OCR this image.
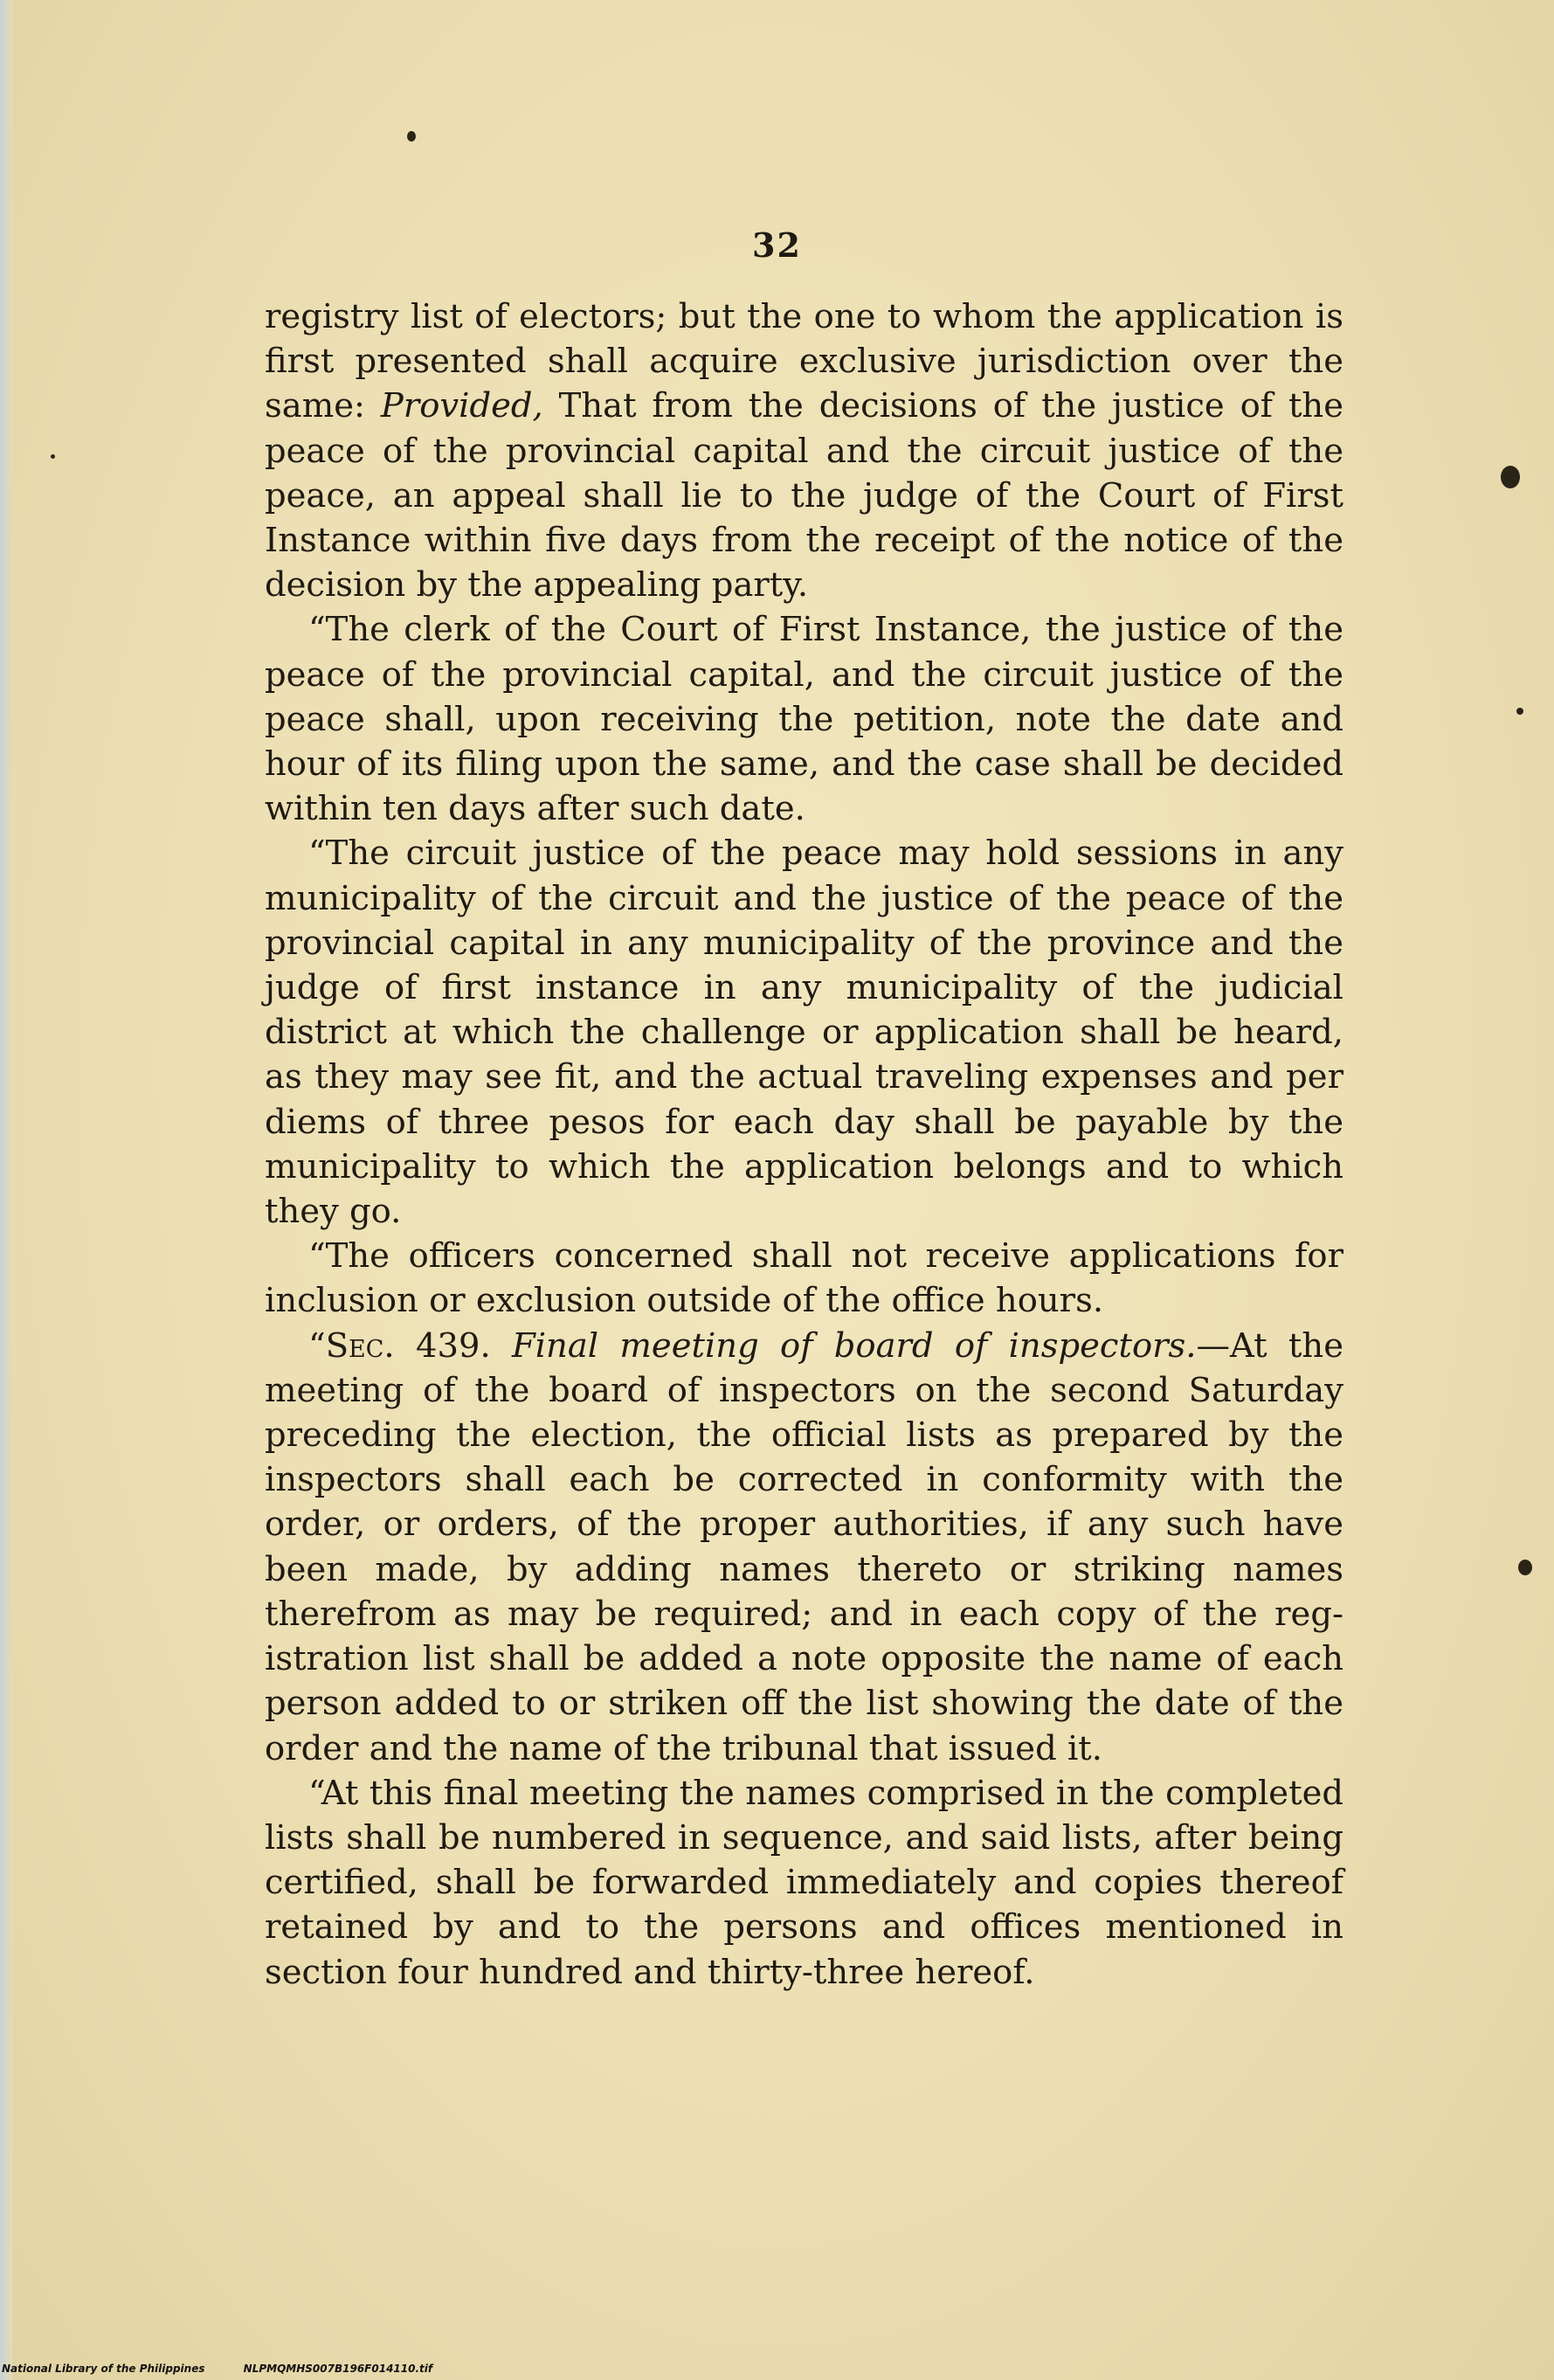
32

registry list of electors; but the one to whom the application is first presented shall acquire exclusive jurisdiction over the same: Provided, That from the decisions of the justice of the peace of the provincial capital and the circuit justice of the peace, an appeal shall lie to the judge of the Court of First Instance within five days from the receipt of the notice of the decision by the appealing party.

“The clerk of the Court of First Instance, the justice of the peace of the provincial capital, and the circuit justice of the peace shall, upon receiving the petition, note the date and hour of its filing upon the same, and the case shall be decided within ten days after such date.

“The circuit justice of the peace may hold sessions in any municipality of the circuit and the justice of the peace of the provincial capital in any municipality of the province and the judge of first instance in any municipality of the judicial district at which the challenge or application shall be heard, as they may see fit, and the actual traveling expenses and per diems of three pesos for each day shall be payable by the municipality to which the application belongs and to which they go.

“The officers concerned shall not receive applications for inclusion or exclusion outside of the office hours.

“Sec. 439. Final meeting of board of inspectors.—At the meeting of the board of inspectors on the second Saturday preceding the election, the official lists as prepared by the inspectors shall each be corrected in conformity with the order, or orders, of the proper authorities, if any such have been made, by adding names thereto or striking names therefrom as may be required; and in each copy of the registration list shall be added a note opposite the name of each person added to or striken off the list showing the date of the order and the name of the tribunal that issued it.

“At this final meeting the names comprised in the completed lists shall be numbered in sequence, and said lists, after being certified, shall be forwarded immediately and copies thereof retained by and to the persons and offices mentioned in section four hundred and thirty-three hereof.

National Library of the Philippines	NLPMQMHS007B196F014110.tif
